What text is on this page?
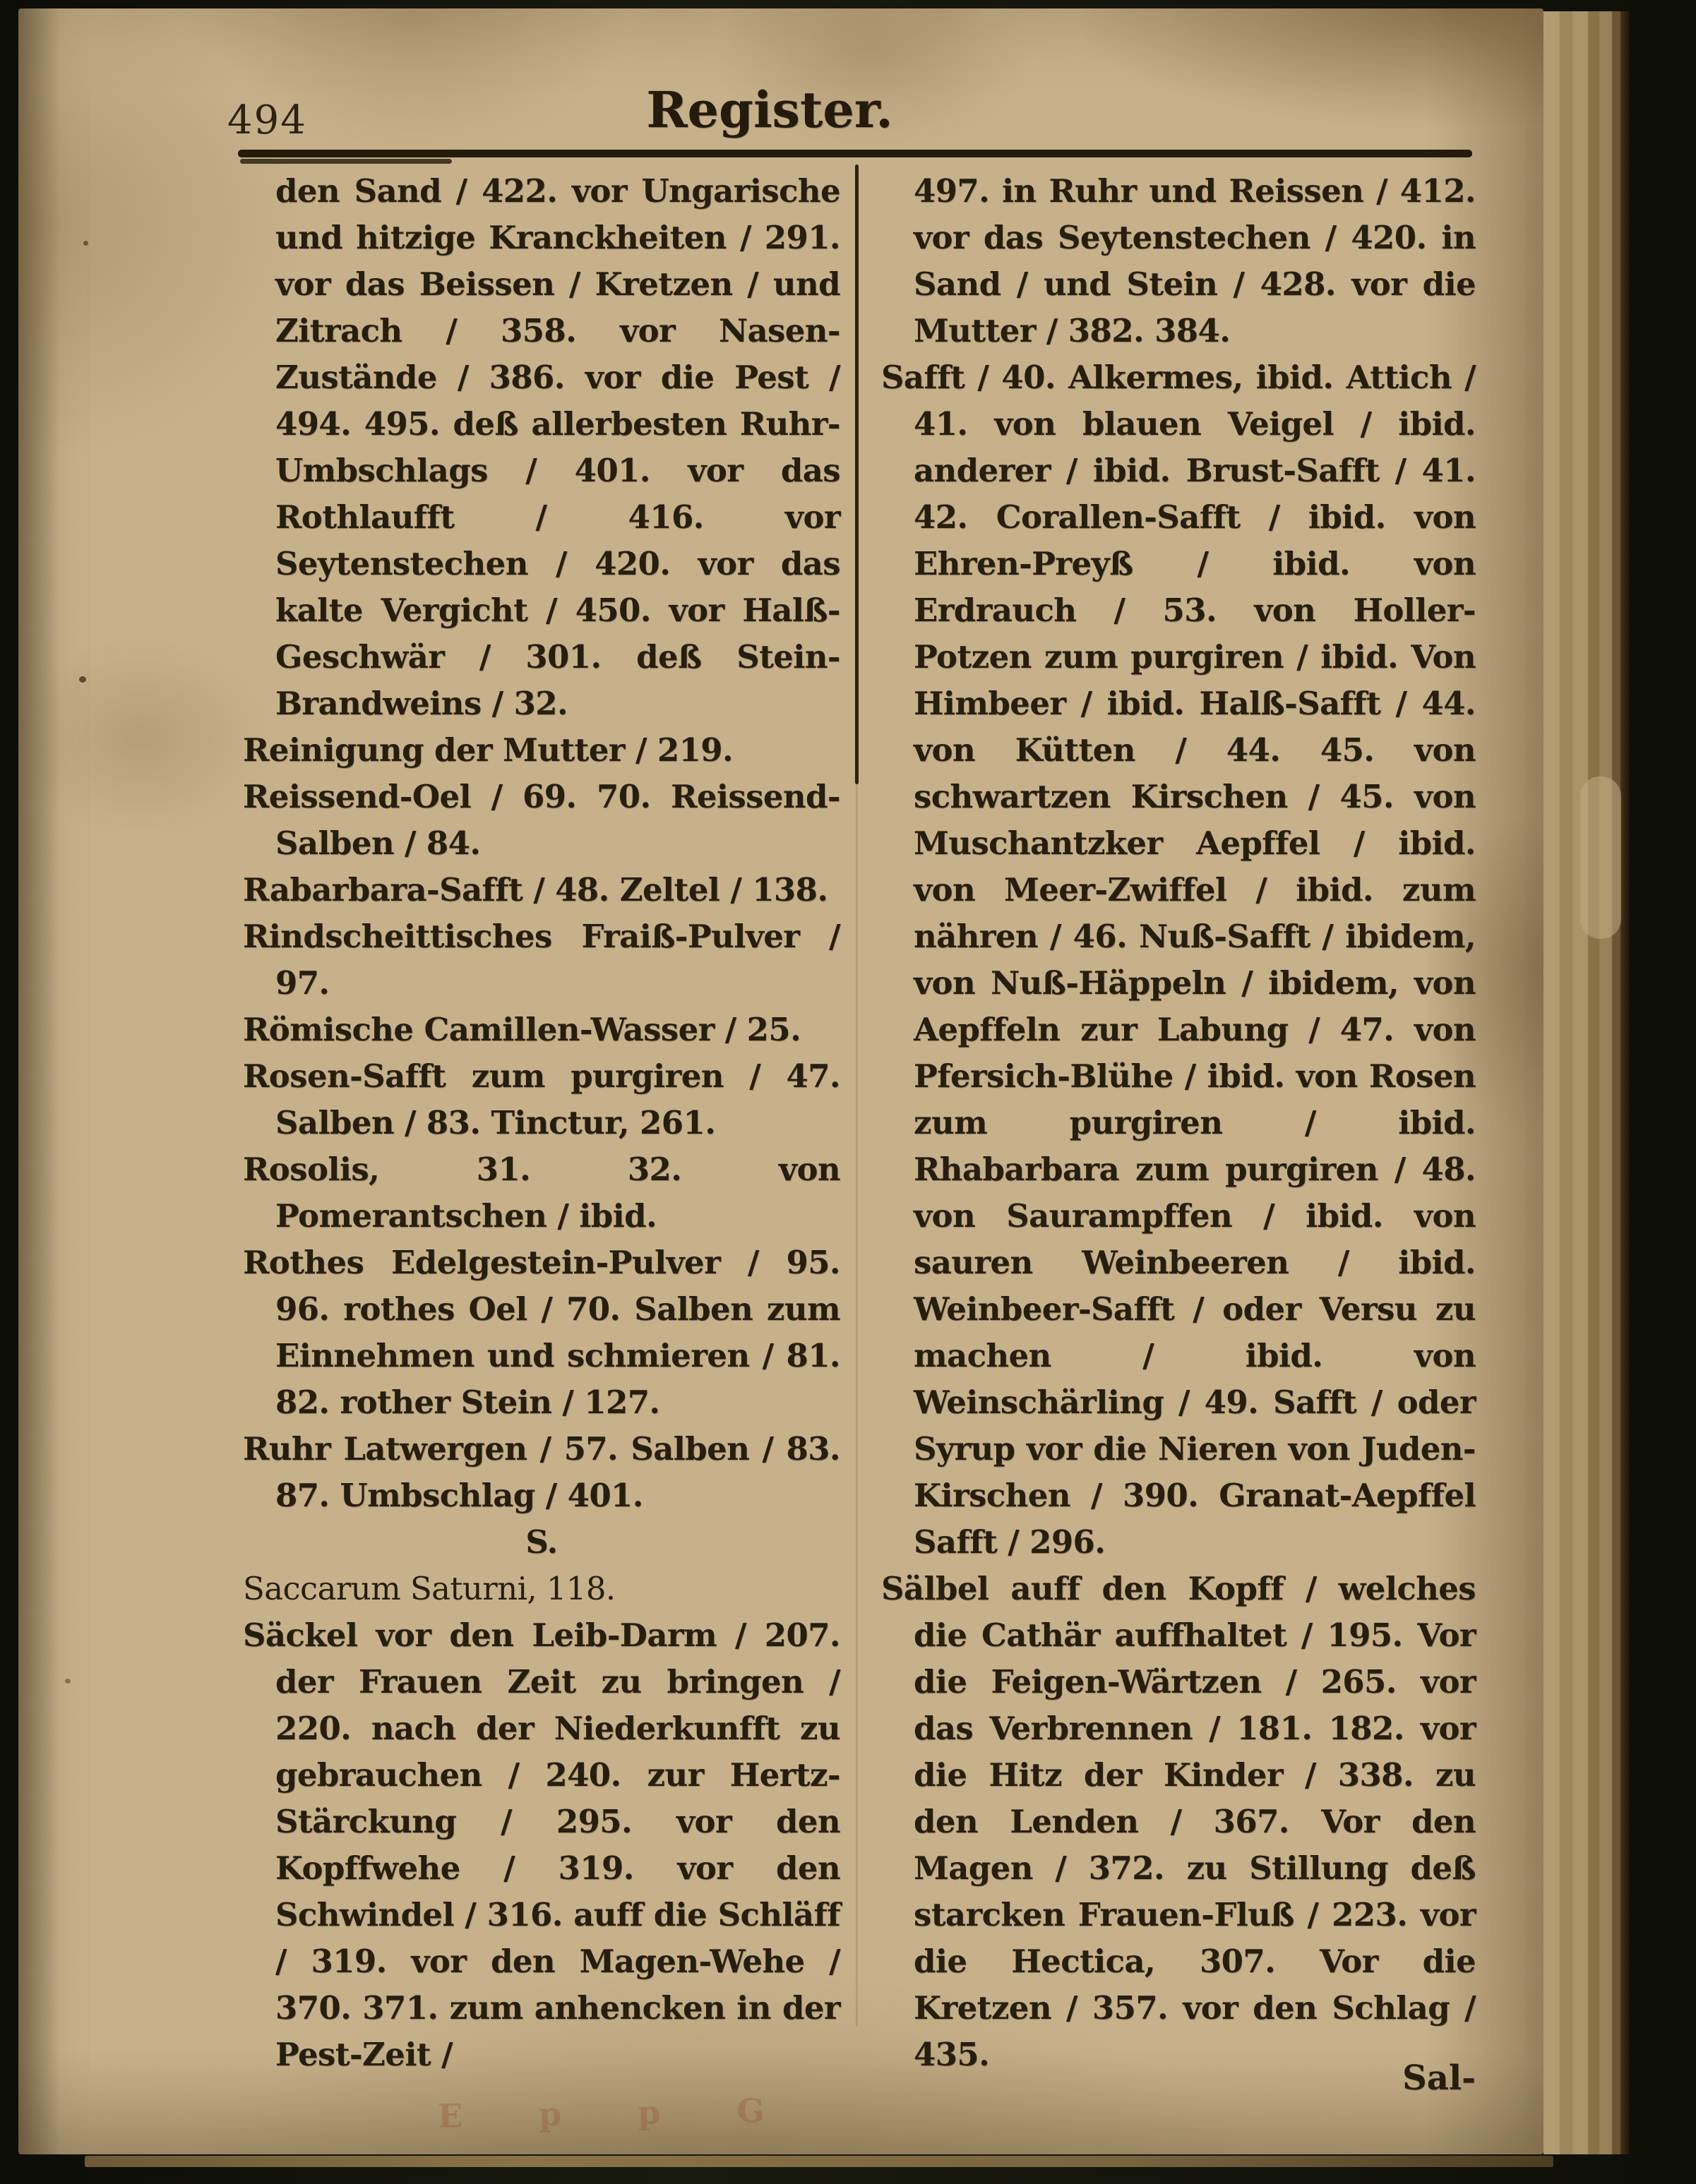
494	Register.
den Sand / 422. vor Ungarische und hitzige Kranckheiten / 291. vor das Beissen / Kretzen / und Zitrach / 358. vor Nasen-Zustände / 386. vor die Pest / 494. 495. deß allerbesten Ruhr-Umbschlags / 401. vor das Rothlaufft / 416. vor Seytenstechen / 420. vor das kalte Vergicht / 450. vor Halß-Geschwär / 301. deß Stein-Brandweins / 32.
Reinigung der Mutter / 219.
Reissend-Oel / 69. 70. Reissend-Salben / 84.
Rabarbara-Safft / 48. Zeltel / 138.
Rindscheittisches Fraiß-Pulver / 97.
Römische Camillen-Wasser / 25.
Rosen-Safft zum purgiren / 47. Salben / 83. Tinctur, 261.
Rosolis, 31. 32. von Pomerantschen / ibid.
Rothes Edelgestein-Pulver / 95. 96. rothes Oel / 70. Salben zum Einnehmen und schmieren / 81. 82. rother Stein / 127.
Ruhr Latwergen / 57. Salben / 83. 87. Umbschlag / 401.
S.
Saccarum Saturni, 118.
Säckel vor den Leib-Darm / 207. der Frauen Zeit zu bringen / 220. nach der Niederkunfft zu gebrauchen / 240. zur Hertz-Stärckung / 295. vor den Kopffwehe / 319. vor den Schwindel / 316. auff die Schläff / 319. vor den Magen-Wehe / 370. 371. zum anhencken in der Pest-Zeit /
497. in Ruhr und Reissen / 412. vor das Seytenstechen / 420. in Sand / und Stein / 428. vor die Mutter / 382. 384.
Safft / 40. Alkermes, ibid. Attich / 41. von blauen Veigel / ibid. anderer / ibid. Brust-Safft / 41. 42. Corallen-Safft / ibid. von Ehren-Preyß / ibid. von Erdrauch / 53. von Holler-Potzen zum purgiren / ibid. Von Himbeer / ibid. Halß-Safft / 44. von Kütten / 44. 45. von schwartzen Kirschen / 45. von Muschantzker Aepffel / ibid. von Meer-Zwiffel / ibid. zum nähren / 46. Nuß-Safft / ibidem, von Nuß-Häppeln / ibidem, von Aepffeln zur Labung / 47. von Pfersich-Blühe / ibid. von Rosen zum purgiren / ibid. Rhabarbara zum purgiren / 48. von Saurampffen / ibid. von sauren Weinbeeren / ibid. Weinbeer-Safft / oder Versu zu machen / ibid. von Weinschärling / 49. Safft / oder Syrup vor die Nieren von Juden-Kirschen / 390. Granat-Aepffel Safft / 296.
Sälbel auff den Kopff / welches die Cathär auffhaltet / 195. Vor die Feigen-Wärtzen / 265. vor das Verbrennen / 181. 182. vor die Hitz der Kinder / 338. zu den Lenden / 367. Vor den Magen / 372. zu Stillung deß starcken Frauen-Fluß / 223. vor die Hectica, 307. Vor die Kretzen / 357. vor den Schlag / 435.
Sal-
E p p G
